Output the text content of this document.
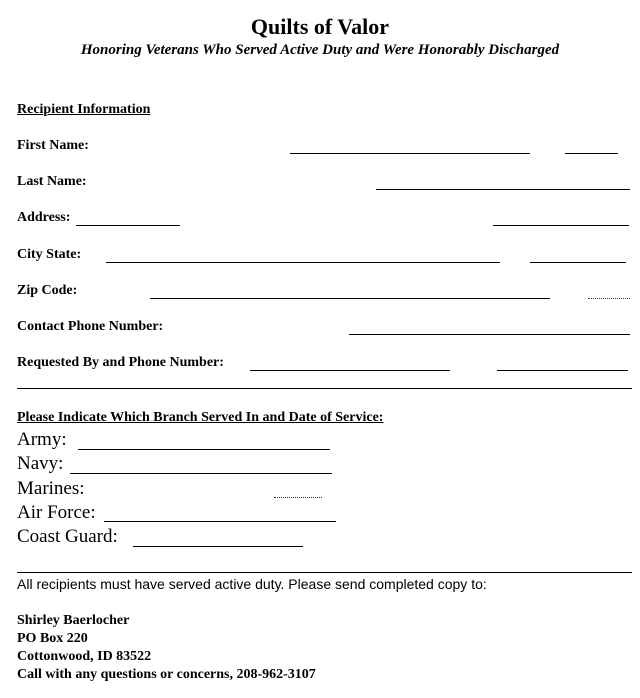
Quilts of Valor
Honoring Veterans Who Served Active Duty and Were Honorably Discharged
Recipient Information
First Name:
Last Name:
Address:
City State:
Zip Code:
Contact Phone Number:
Requested By and Phone Number:
Please Indicate Which Branch Served In and Date of Service:
Army:
Navy:
Marines:
Air Force:
Coast Guard:
All recipients must have served active duty. Please send completed copy to:
Shirley Baerlocher
PO Box 220
Cottonwood, ID 83522
Call with any questions or concerns, 208-962-3107
